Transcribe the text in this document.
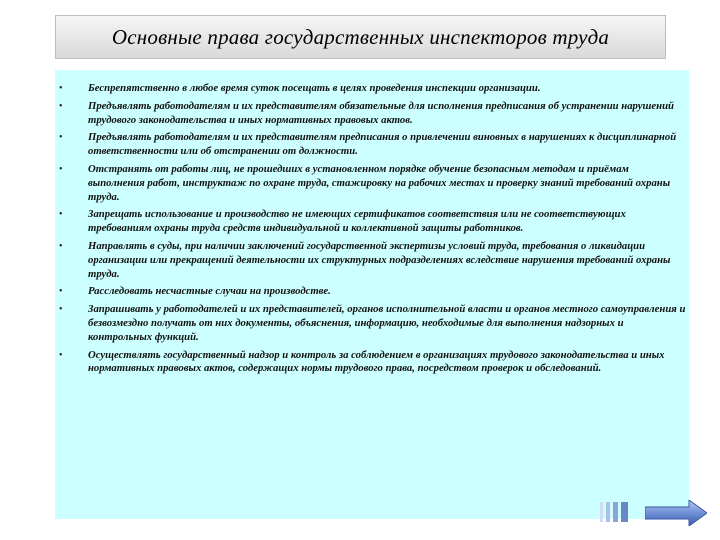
Основные права государственных инспекторов труда
• Беспрепятственно в любое время суток посещать в целях проведения инспекции организации.
• Предъявлять работодателям и их представителям обязательные для исполнения предписания об устранении нарушений трудового законодательства и иных нормативных правовых актов.
• Предъявлять работодателям и их представителям предписания о привлечении виновных в нарушениях к дисциплинарной ответственности или об отстранении от должности.
• Отстранять от работы лиц, не прошедших в установленном порядке обучение безопасным методам и приёмам выполнения работ, инструктаж по охране труда, стажировку на рабочих местах и проверку знаний требований охраны труда.
• Запрещать использование и производство не имеющих сертификатов соответствия или не соответствующих требованиям охраны труда средств индивидуальной и коллективной защиты работников.
• Направлять в суды, при наличии заключений государственной экспертизы условий труда, требования о ликвидации организации или прекращений деятельности их структурных подразделениях вследствие нарушения требований охраны труда.
• Расследовать несчастные случаи на производстве.
• Запрашивать у работодателей и их представителей, органов исполнительной власти и органов местного самоуправления и безвозмездно получать от них документы, объяснения, информацию, необходимые для выполнения надзорных и контрольных функций.
• Осуществлять государственный надзор и контроль за соблюдением в организациях трудового законодательства и иных нормативных правовых актов, содержащих нормы трудового права, посредством проверок и обследований.
